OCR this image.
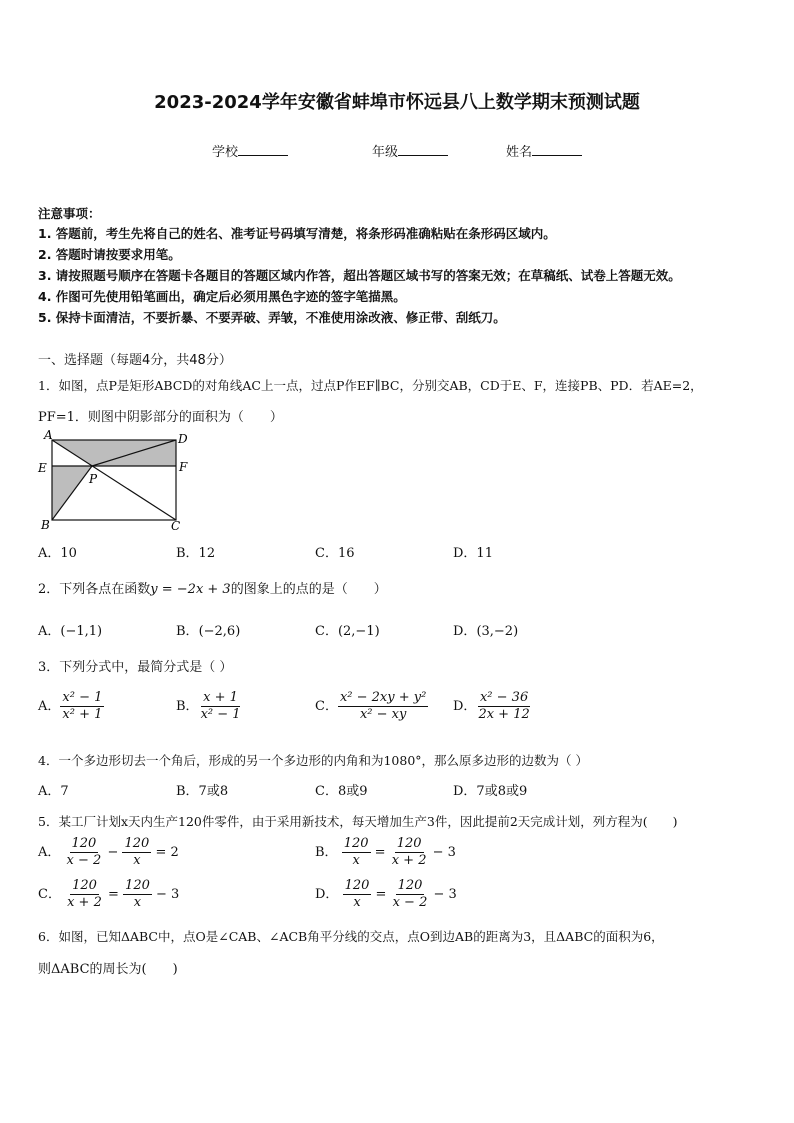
2023-2024学年安徽省蚌埠市怀远县八上数学期末预测试题
学校	年级	姓名
注意事项：
1. 答题前，考生先将自己的姓名、准考证号码填写清楚，将条形码准确粘贴在条形码区域内。
2. 答题时请按要求用笔。
3. 请按照题号顺序在答题卡各题目的答题区域内作答，超出答题区域书写的答案无效；在草稿纸、试卷上答题无效。
4. 作图可先使用铅笔画出，确定后必须用黑色字迹的签字笔描黑。
5. 保持卡面清洁，不要折暴、不要弄破、弄皱，不准使用涂改液、修正带、刮纸刀。
一、选择题（每题4分，共48分）
1．如图，点P是矩形ABCD的对角线AC上一点，过点P作EF∥BC，分别交AB，CD于E、F，连接PB、PD．若AE=2，
PF=1．则图中阴影部分的面积为（　　）
A	D
E	F
P
B	C
A．10	B．12	C．16	D．11
2．下列各点在函数y = −2x + 3的图象上的点的是（　　）
A．(−1,1)	B．(−2,6)	C．(2,−1)	D．(3,−2)
3．下列分式中，最简分式是（ ）
A． $\frac{\text{x² − 1}}{\text{x² + 1}}$	B． $\frac{x + 1}{\text{x² − 1}}$	C． $\frac{\text{x² − 2xy + y²}}{\text{x² − xy}}$ D． $\frac{\text{x² − 36}}{2x + 12}$
4．一个多边形切去一个角后，形成的另一个多边形的内角和为1080°，那么原多边形的边数为（ ）
A．7	B．7或8	C．8或9	D．7或8或9
5．某工厂计划x天内生产120件零件，由于采用新技术，每天增加生产3件，因此提前2天完成计划，列方程为(　　)
A． $\frac{120}{x - 2} - \frac{120}{x} = 2$	B． $\frac{120}{x} = \frac{120}{x + 2} - 3$
C． $\frac{120}{x + 2} = \frac{120}{x} - 3$	D． $\frac{120}{x} = \frac{120}{x - 2} - 3$
6．如图，已知ΔABC中，点O是∠CAB、∠ACB角平分线的交点，点O到边AB的距离为3，且ΔABC的面积为6，
则ΔABC的周长为(　　)
